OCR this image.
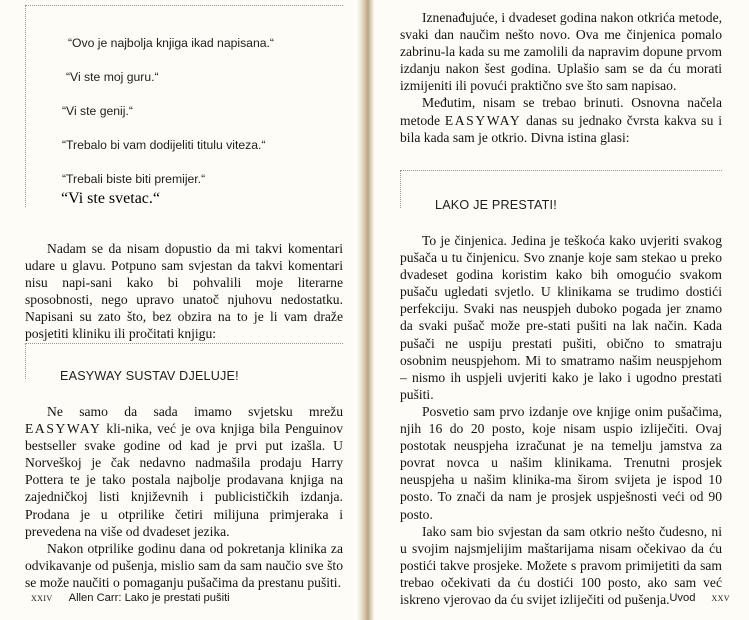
“Ovo je najbolja knjiga ikad napisana.“
“Vi ste moj guru.“
“Vi ste genij.“
“Trebalo bi vam dodijeliti titulu viteza.“
“Trebali biste biti premijer.“
“Vi ste svetac.“

Nadam se da nisam dopustio da mi takvi komentari udare u glavu. Potpuno sam svjestan da takvi komentari nisu napi-sani kako bi pohvalili moje literarne sposobnosti, nego upravo unatoč njuhovu nedostatku. Napisani su zato što, bez obzira na to je li vam draže posjetiti kliniku ili pročitati knjigu:

EASYWAY SUSTAV DJELUJE!

Ne samo da sada imamo svjetsku mrežu EASYWAY kli-nika, već je ova knjiga bila Penguinov bestseller svake godine od kad je prvi put izašla. U Norveškoj je čak nedavno nadmašila prodaju Harry Pottera te je tako postala najbolje prodavana knjiga na zajedničkoj listi književnih i publicističkih izdanja. Prodana je u otprilike četiri milijuna primjeraka i prevedena na više od dvadeset jezika.

Nakon otprilike godinu dana od pokretanja klinika za odvikavanje od pušenja, mislio sam da sam naučio sve što se može naučiti o pomaganju pušačima da prestanu pušiti.

xxiv Allen Carr: Lako je prestati pušiti

Iznenađujuće, i dvadeset godina nakon otkrića metode, svaki dan naučim nešto novo. Ova me činjenica pomalo zabrinu-la kada su me zamolili da napravim dopune prvom izdanju nakon šest godina. Uplašio sam se da ću morati izmijeniti ili povući praktično sve što sam napisao.

Međutim, nisam se trebao brinuti. Osnovna načela metode EASYWAY danas su jednako čvrsta kakva su i bila kada sam je otkrio. Divna istina glasi:

LAKO JE PRESTATI!

To je činjenica. Jedina je teškoća kako uvjeriti svakog pušača u tu činjenicu. Svo znanje koje sam stekao u preko dvadeset godina koristim kako bih omogućio svakom pušaču ugledati svjetlo. U klinikama se trudimo dostići perfekciju. Svaki nas neuspjeh duboko pogada jer znamo da svaki pušač može pre-stati pušiti na lak način. Kada pušači ne uspiju prestati pušiti, obično to smatraju osobnim neuspjehom. Mi to smatramo našim neuspjehom – nismo ih uspjeli uvjeriti kako je lako i ugodno prestati pušiti.

Posvetio sam prvo izdanje ove knjige onim pušačima, njih 16 do 20 posto, koje nisam uspio izliječiti. Ovaj postotak neuspjeha izračunat je na temelju jamstva za povrat novca u našim klinikama. Trenutni prosjek neuspjeha u našim klinika-ma širom svijeta je ispod 10 posto. To znači da nam je prosjek uspješnosti veći od 90 posto.

Iako sam bio svjestan da sam otkrio nešto čudesno, ni u svojim najsmjelijim maštarijama nisam očekivao da ću postići takve prosjeke. Možete s pravom primijetiti da sam trebao očekivati da ću dostići 100 posto, ako sam već iskreno vjerovao da ću svijet izliječiti od pušenja. Uvod xxv
